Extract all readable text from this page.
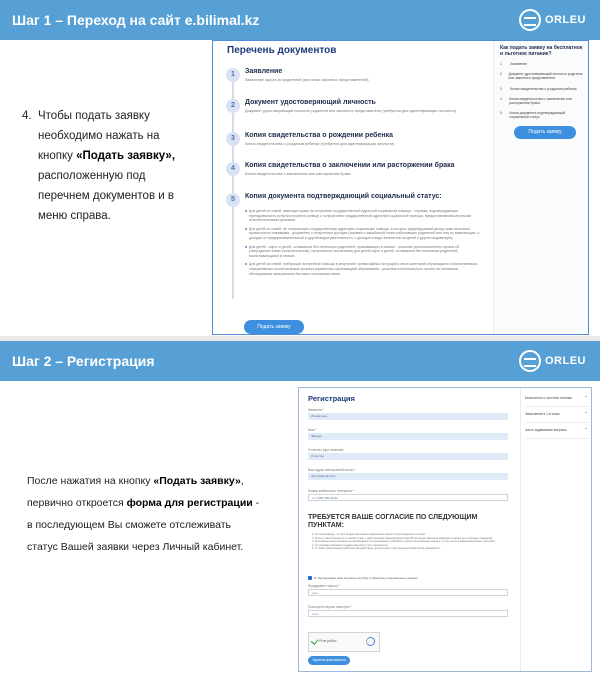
Шаг 1 – Переход на сайт e.bilimal.kz	ORLEU
4. Чтобы подать заявку
необходимо нажать на
кнопку «Подать заявку»,
расположенную под
перечнем документов и в
меню справа.
Перечень документов
1	Заявление
Заявление одного из родителей (или иных законных представителей)
2	Документ удостоверяющий личность
Документ удостоверяющий личность родителя или законного представителя (требуется для идентификации личности)
3	Копия свидетельства о рождении ребенка
Копия свидетельства о рождении ребенка (требуется для идентификации личности)
4	Копия свидетельства о заключении или расторжении брака
Копия свидетельства о заключении или расторжении брака
5	Копия документа подтверждающий социальный статус:
Для детей из семей, имеющих право на получение государственной адресной социальной помощи - справка, подтверждающая принадлежность услугополучателя (семьи) к получателям государственной адресной социальной помощи, предоставляемая местными исполнительными органами.
Для детей из семей, не получающих государственную адресную социальную помощь, в которых среднедушевой доход ниже величины прожиточного минимума - документы о полученных доходах (справка о заработной плате работающих родителей или лиц их заменяющих, о доходах от предпринимательской и другой видов деятельности, о доходах в виде алиментов на детей и других иждивенцев).
Для детей - сирот и детей, оставшихся без попечения родителей, проживающих в семьях - решение уполномоченного органа об утверждении опеки (попечительства), патронатного воспитания для детей-сирот и детей, оставшихся без попечения родителей, воспитывающихся в семьях.
Для детей из семей, требующих экстренной помощи в результате чрезвычайных ситуаций и иных категорий обучающихся и воспитанников, определяемых коллегиальным органом управления организацией образования - решение коллегиального органа на основании обследования материально-бытового положения семьи.
Подать заявку
Как подать заявку на бесплатное и льготное питание?
1	Заявление
2 Документ удостоверяющий личность родителя или законного представителя
3	Копия свидетельства о рождении ребенка
4	Копия свидетельства о заключении или расторжении брака
5	Копия документа подтверждающий социальный статус
Подать заявку
Шаг 2 – Регистрация	ORLEU
После нажатия на кнопку «Подать заявку»,
первично откроется форма для регистрации -
в последующем Вы сможете отслеживать
статус Вашей заявки через Личный кабинет.
Регистрация
Фамилия *
Исмаилова
Имя *
Фарида
Отчество (при наличии)
Отчество
Ваш адрес электронной почты *
abcxyz@mail.com
Номер мобильного телефона *
+7 (705) 000-00-00
ТРЕБУЕТСЯ ВАШЕ СОГЛАСИЕ ПО СЛЕДУЮЩИМ ПУНКТАМ:
1. Я подтверждаю, что вся предоставленная информация является достоверной и точной.
2. Я несу ответственность в соответствии с действующим законодательством РК за предоставление заведомо ложных или неполных сведений.
3. Я выражаю свое согласие на необходимое использование и обработку своих персональных данных, в том числе в информационных системах.
4. Со сроками оказания государственной услуги ознакомлен.
5. О праве обжалования действий (бездействия) должностных лиц в вышестоящий орган ознакомлен.
Я подтверждаю свое согласие на сбор и обработку персональных данных
Придумайте пароль *
••••••
Повторите пароль повторно *
••••••
Я не робот
Зарегистрироваться
Бесплатное и льготное питание ⌄
Зачисление в 1-й класс ⌄
Часто задаваемые вопросы ⌄
